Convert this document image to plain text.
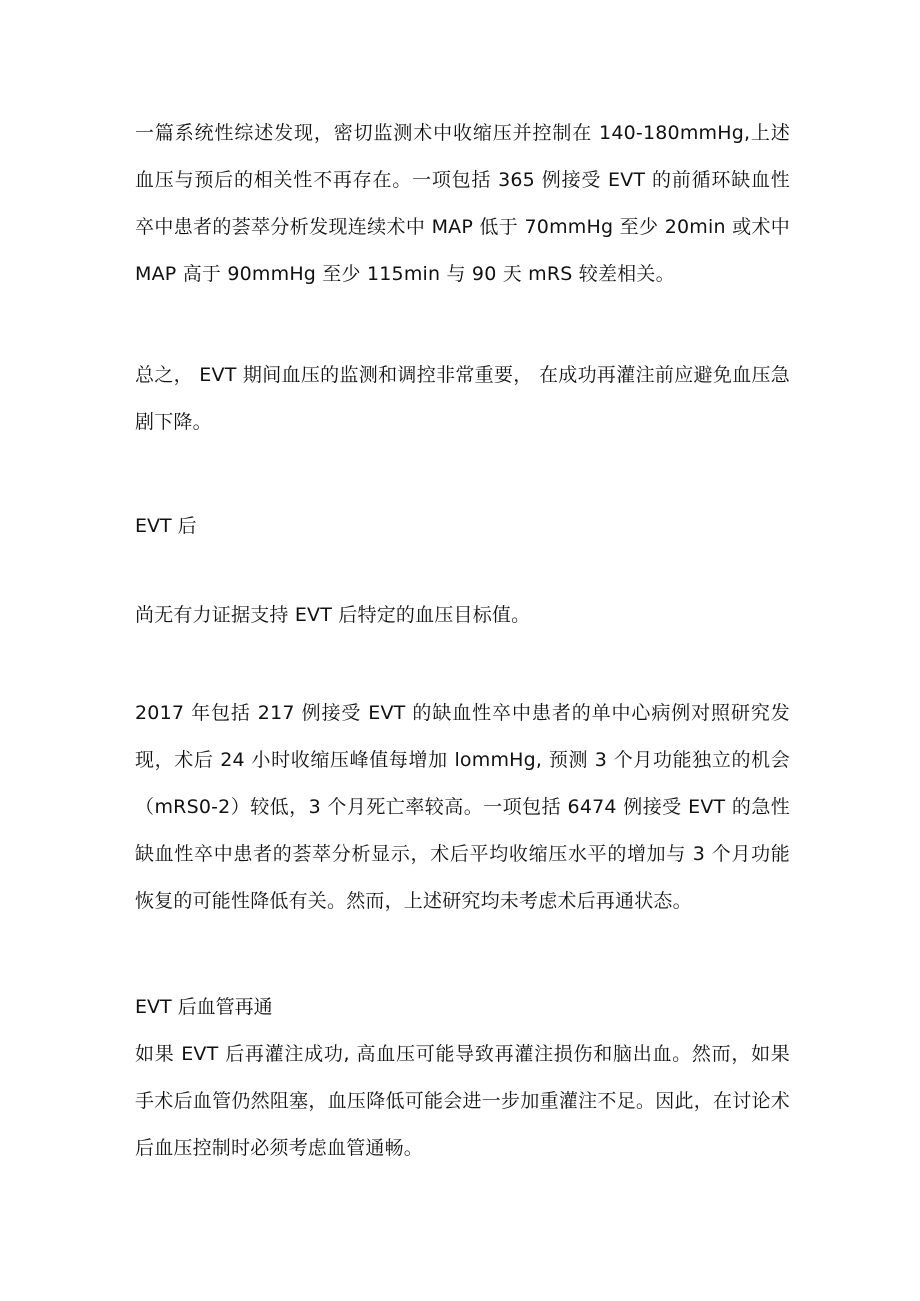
一篇系统性综述发现，密切监测术中收缩压并控制在 140-180mmHg,上述血压与预后的相关性不再存在。一项包括 365 例接受 EVT 的前循环缺血性卒中患者的荟萃分析发现连续术中 MAP 低于 70mmHg 至少 20min 或术中 MAP 高于 90mmHg 至少 115min 与 90 天 mRS 较差相关。

总之， EVT 期间血压的监测和调控非常重要， 在成功再灌注前应避免血压急剧下降。

EVT 后

尚无有力证据支持 EVT 后特定的血压目标值。

2017 年包括 217 例接受 EVT 的缺血性卒中患者的单中心病例对照研究发现，术后 24 小时收缩压峰值每增加 lommHg, 预测 3 个月功能独立的机会（mRS0-2）较低，3 个月死亡率较高。一项包括 6474 例接受 EVT 的急性缺血性卒中患者的荟萃分析显示，术后平均收缩压水平的增加与 3 个月功能恢复的可能性降低有关。然而，上述研究均未考虑术后再通状态。

EVT 后血管再通

如果 EVT 后再灌注成功, 高血压可能导致再灌注损伤和脑出血。然而，如果手术后血管仍然阻塞，血压降低可能会进一步加重灌注不足。因此，在讨论术后血压控制时必须考虑血管通畅。
